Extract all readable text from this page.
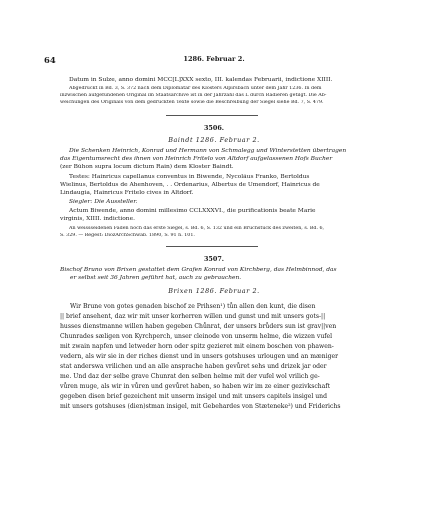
64	1286. Februar 2.
Datum in Sulze, anno domini MCC[L]XXX sexto, III. kalendas Februarii, indictione XIIII.
Abgedruckt in Bd. 3, S. 372 nach dem Diplomatar des Klosters Alpirsbach unter dem Jahr 1236. In dem
inzwischen aufgefundenen Original im Staatsarchive ist in der Jahrzahl das L durch Radieren getilgt. Die Ab-
weichungen des Originals von dem gedruckten Texte sowie die Beschreibung der Siegel siehe Bd. 7, S. 479.
3506.
Baindt 1286. Februar 2.
Die Schenken Heinrich, Konrad und Hermann von Schmalegg und Winterstetten übertragen
das Eigentumsrecht des ihnen von Heinrich Fritelo von Altdorf aufgelassenen Hofs Bucher
(zer Bůhon supra locum dictum Rain) dem Kloster Baindt.
Testes: Hainricus capellanus conventus in Biwende, Nycolâus Franko, Bertoldus
Wielinus, Bertoldus de Ahenhoven, . . Ordenarius, Albertus de Umendorf, Hainricus de
Lindaugia, Hainricus Fritelo cives in Altdorf.
Siegler: Die Aussteller.
Actum Biwende, anno domini millesimo CCLXXXVI., die purificationis beate Marie
virginis, XIIII. indictione.
An weissseidenen Fäden noch das erste Siegel, s. Bd. 6, S. 132 und ein Bruchstück des zweiten, s. Bd. 6,
S. 329. — Regest: DiözArchSchwab. 1890, S. 91 n. 101.
3507.
Bischof Bruno von Brixen gestattet dem Grafen Konrad von Kirchberg, das Helmbinnod, das
er selbst seit 36 Jahren geführt hat, auch zu gebrauchen.
Brixen 1286. Februar 2.
Wir Brune von gotes genaden bischof ze Prihsen¹) tůn allen den kunt, die disen
|| brief ansehent, daz wir mit unser korherren willen und gunst und mit unsers gots-||
husses dienstmanne willen haben gegeben Chůnrat, der unsers brůders sun ist grav||ven
Chunrades sæligen von Kyrchperch, unser cleinode von unserm helme, die wizzen vufel
mit zwain napfen und letweder horn oder spitz gezieret mit einem boschen von phawen-
vedern, als wir sie in der riches dienst und in unsers gotshuses urlougen und an mæniger
stat anderswa vrilichen und an alle ansprache haben gevůret sehs und drizek jar oder
me. Und daz der selbe grave Chunrat den selben helme mit der vufel wol vrilich ge-
vůren muge, als wir in vůren und gevůret haben, so haben wir im ze einer gezivkschaft
gegeben disen brief gezeichent mit unserm insigel und mit unsers capitels insigel und
mit unsers gotshuses (dien)stman insigel, mit Gebehardes von Stæteneke²) und Friderichs
